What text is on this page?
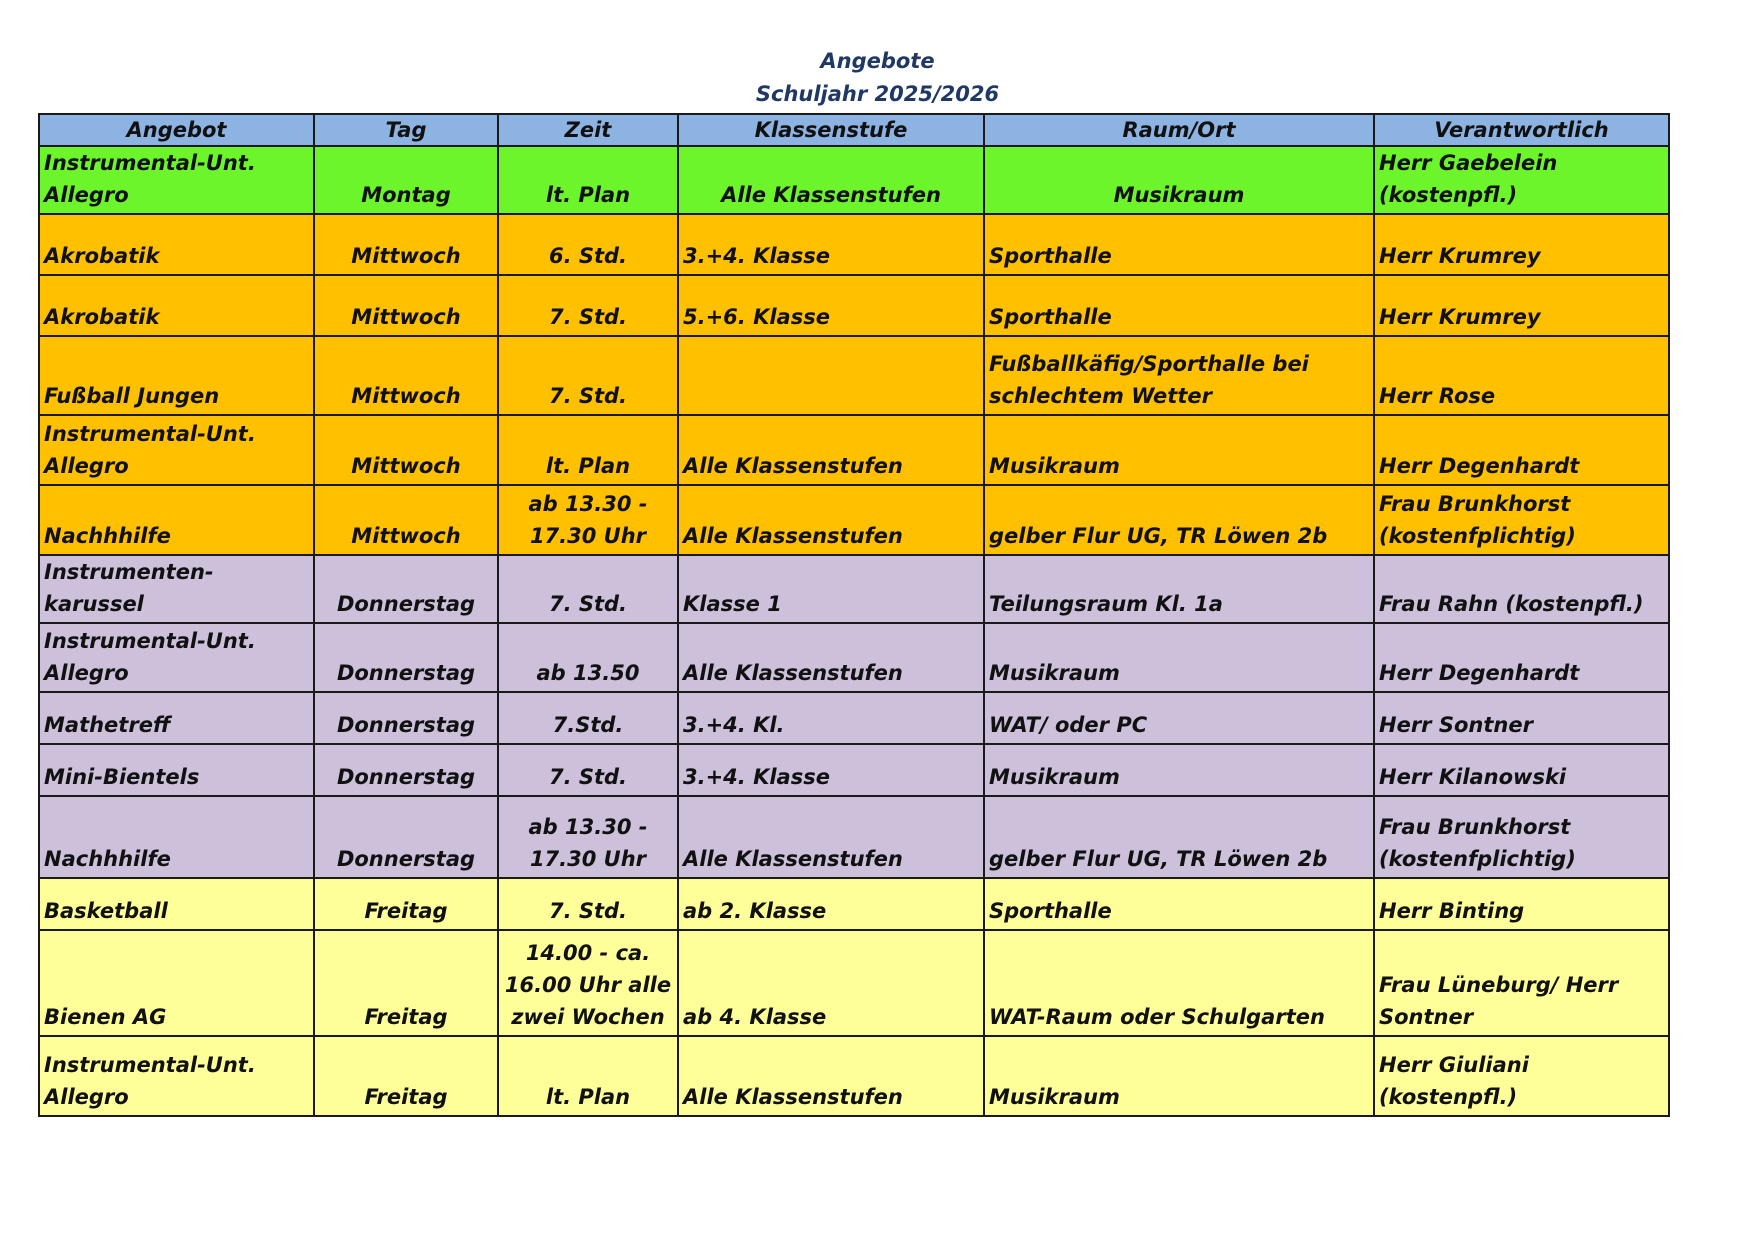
Angebote
Schuljahr 2025/2026
Angebot	Tag	Zeit	Klassenstufe	Raum/Ort	Verantwortlich
Instrumental-Unt. Allegro	Montag	lt. Plan	Alle Klassenstufen	Musikraum	Herr Gaebelein (kostenpfl.)
Akrobatik	Mittwoch	6. Std.	3.+4. Klasse	Sporthalle	Herr Krumrey
Akrobatik	Mittwoch	7. Std.	5.+6. Klasse	Sporthalle	Herr Krumrey
Fußball Jungen	Mittwoch	7. Std.		Fußballkäfig/Sporthalle bei schlechtem Wetter	Herr Rose
Instrumental-Unt. Allegro	Mittwoch	lt. Plan	Alle Klassenstufen	Musikraum	Herr Degenhardt
Nachhhilfe	Mittwoch	ab 13.30 - 17.30 Uhr	Alle Klassenstufen	gelber Flur UG, TR Löwen 2b	Frau Brunkhorst (kostenfplichtig)
Instrumenten-karussel	Donnerstag	7. Std.	Klasse 1	Teilungsraum Kl. 1a	Frau Rahn (kostenpfl.)
Instrumental-Unt. Allegro	Donnerstag	ab 13.50	Alle Klassenstufen	Musikraum	Herr Degenhardt
Mathetreff	Donnerstag	7.Std.	3.+4. Kl.	WAT/ oder PC	Herr Sontner
Mini-Bientels	Donnerstag	7. Std.	3.+4. Klasse	Musikraum	Herr Kilanowski
Nachhhilfe	Donnerstag	ab 13.30 - 17.30 Uhr	Alle Klassenstufen	gelber Flur UG, TR Löwen 2b	Frau Brunkhorst (kostenfplichtig)
Basketball	Freitag	7. Std.	ab 2. Klasse	Sporthalle	Herr Binting
Bienen AG	Freitag	14.00 - ca. 16.00 Uhr alle zwei Wochen	ab 4. Klasse	WAT-Raum oder Schulgarten	Frau Lüneburg/ Herr Sontner
Instrumental-Unt. Allegro	Freitag	lt. Plan	Alle Klassenstufen	Musikraum	Herr Giuliani (kostenpfl.)
